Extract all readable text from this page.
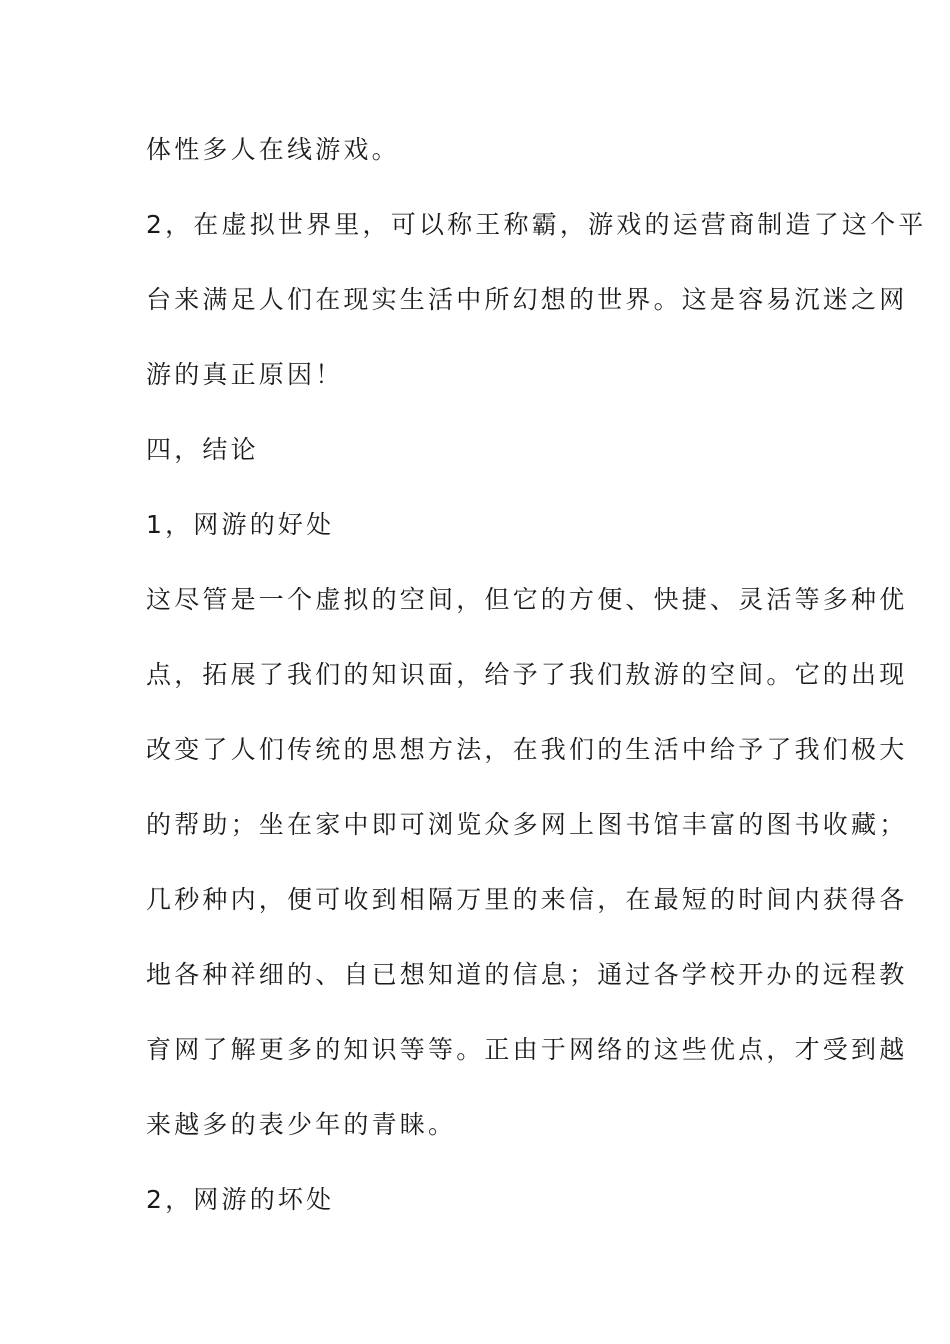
体性多人在线游戏。
2，在虚拟世界里，可以称王称霸，游戏的运营商制造了这个平
台来满足人们在现实生活中所幻想的世界。这是容易沉迷之网
游的真正原因！
四，结论
1，网游的好处
这尽管是一个虚拟的空间，但它的方便、快捷、灵活等多种优
点，拓展了我们的知识面，给予了我们敖游的空间。它的出现
改变了人们传统的思想方法，在我们的生活中给予了我们极大
的帮助；坐在家中即可浏览众多网上图书馆丰富的图书收藏；
几秒种内，便可收到相隔万里的来信，在最短的时间内获得各
地各种祥细的、自已想知道的信息；通过各学校开办的远程教
育网了解更多的知识等等。正由于网络的这些优点，才受到越
来越多的表少年的青睐。
2，网游的坏处
